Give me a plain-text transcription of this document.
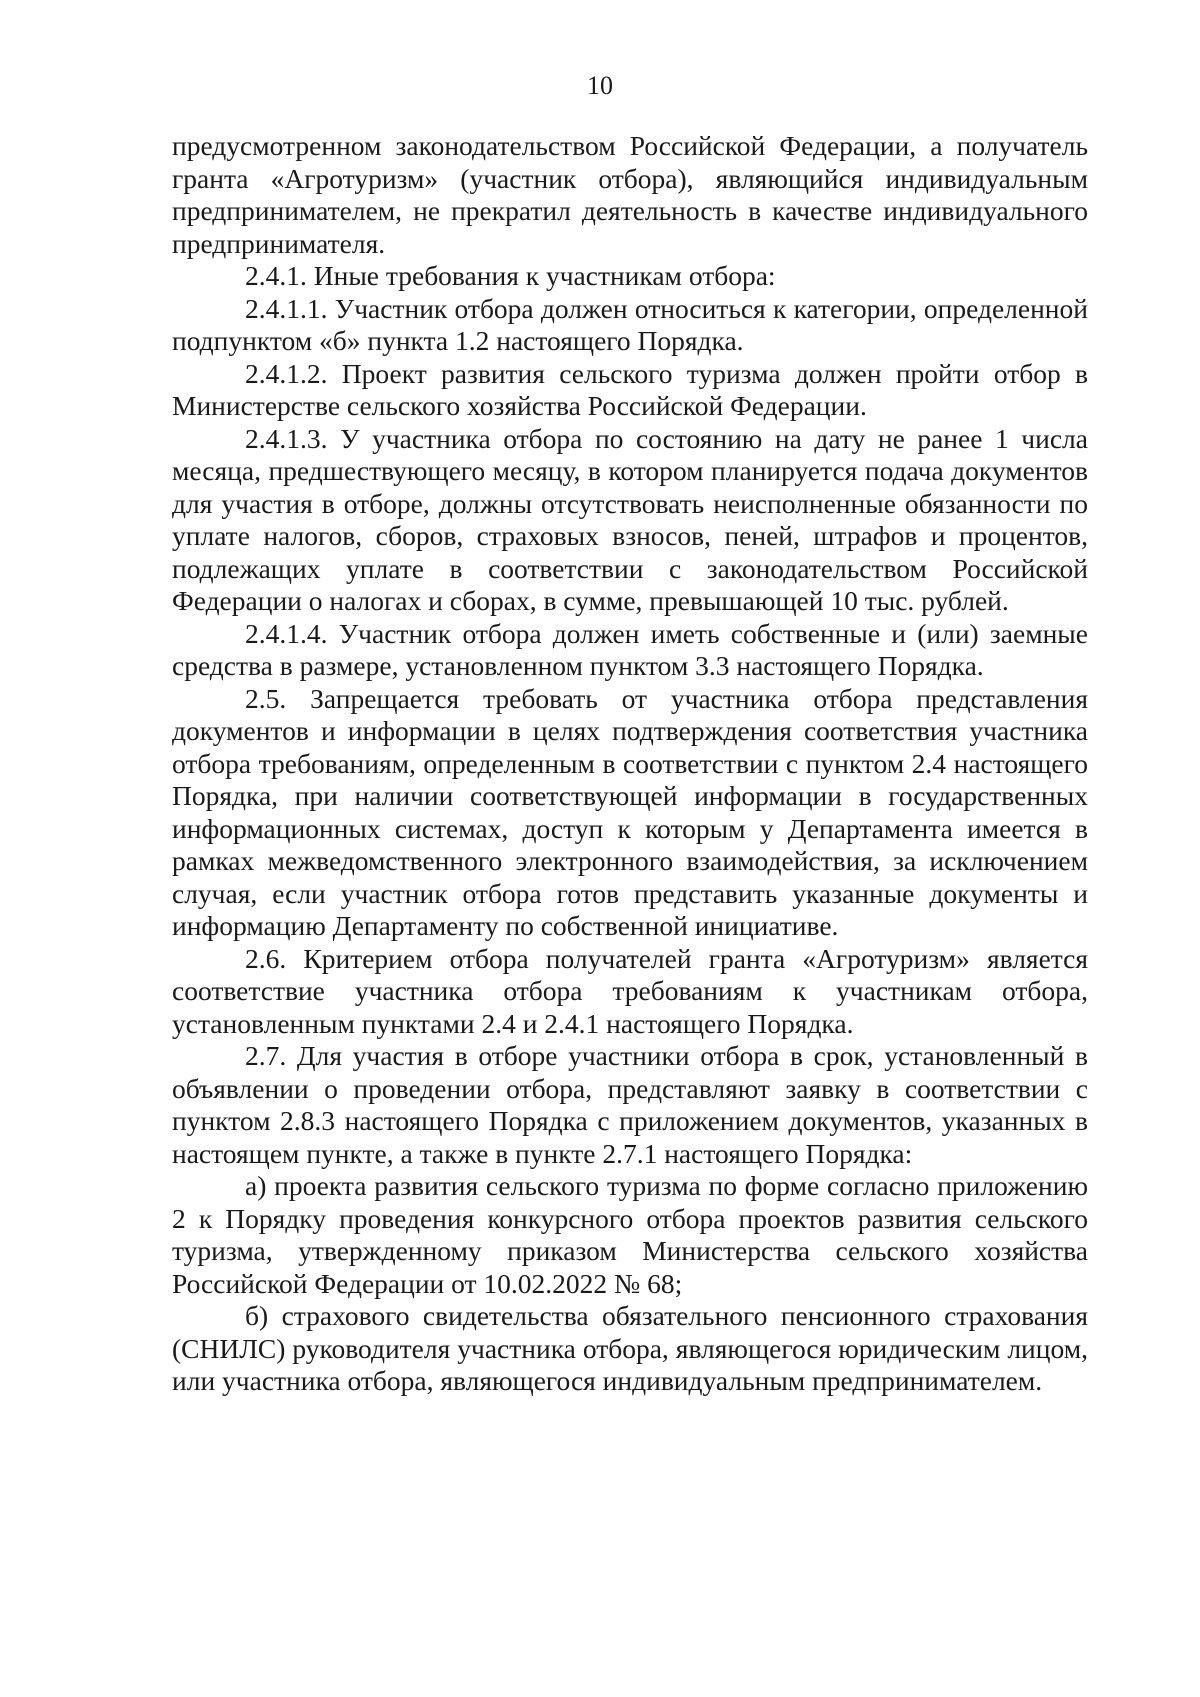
10

предусмотренном законодательством Российской Федерации, а получатель гранта «Агротуризм» (участник отбора), являющийся индивидуальным предпринимателем, не прекратил деятельность в качестве индивидуального предпринимателя.

2.4.1. Иные требования к участникам отбора:

2.4.1.1. Участник отбора должен относиться к категории, определенной подпунктом «б» пункта 1.2 настоящего Порядка.

2.4.1.2. Проект развития сельского туризма должен пройти отбор в Министерстве сельского хозяйства Российской Федерации.

2.4.1.3. У участника отбора по состоянию на дату не ранее 1 числа месяца, предшествующего месяцу, в котором планируется подача документов для участия в отборе, должны отсутствовать неисполненные обязанности по уплате налогов, сборов, страховых взносов, пеней, штрафов и процентов, подлежащих уплате в соответствии с законодательством Российской Федерации о налогах и сборах, в сумме, превышающей 10 тыс. рублей.

2.4.1.4. Участник отбора должен иметь собственные и (или) заемные средства в размере, установленном пунктом 3.3 настоящего Порядка.

2.5. Запрещается требовать от участника отбора представления документов и информации в целях подтверждения соответствия участника отбора требованиям, определенным в соответствии с пунктом 2.4 настоящего Порядка, при наличии соответствующей информации в государственных информационных системах, доступ к которым у Департамента имеется в рамках межведомственного электронного взаимодействия, за исключением случая, если участник отбора готов представить указанные документы и информацию Департаменту по собственной инициативе.

2.6. Критерием отбора получателей гранта «Агротуризм» является соответствие участника отбора требованиям к участникам отбора, установленным пунктами 2.4 и 2.4.1 настоящего Порядка.

2.7. Для участия в отборе участники отбора в срок, установленный в объявлении о проведении отбора, представляют заявку в соответствии с пунктом 2.8.3 настоящего Порядка с приложением документов, указанных в настоящем пункте, а также в пункте 2.7.1 настоящего Порядка:

а) проекта развития сельского туризма по форме согласно приложению 2 к Порядку проведения конкурсного отбора проектов развития сельского туризма, утвержденному приказом Министерства сельского хозяйства Российской Федерации от 10.02.2022 № 68;

б) страхового свидетельства обязательного пенсионного страхования (СНИЛС) руководителя участника отбора, являющегося юридическим лицом, или участника отбора, являющегося индивидуальным предпринимателем.
